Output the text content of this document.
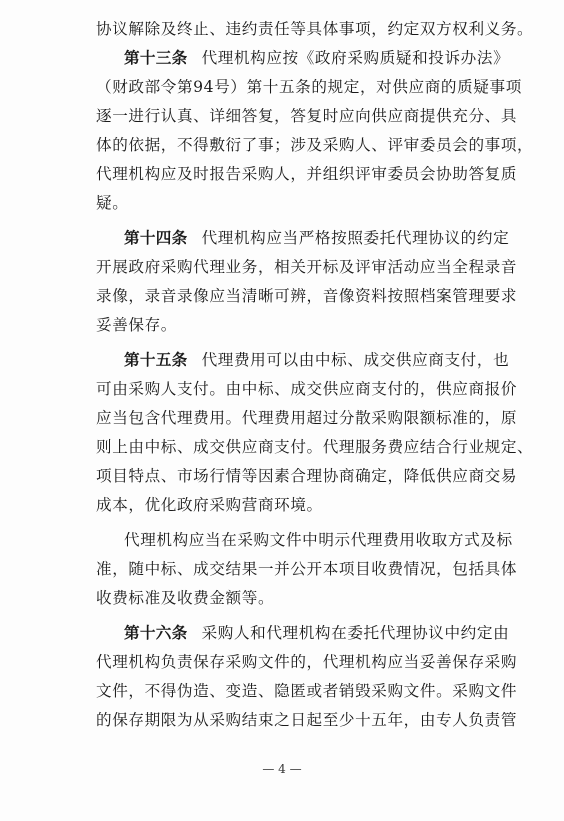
协议解除及终止、违约责任等具体事项，约定双方权利义务。
第十三条 代理机构应按《政府采购质疑和投诉办法》
（财政部令第94号）第十五条的规定，对供应商的质疑事项
逐一进行认真、详细答复，答复时应向供应商提供充分、具
体的依据，不得敷衍了事；涉及采购人、评审委员会的事项，
代理机构应及时报告采购人，并组织评审委员会协助答复质
疑。
第十四条 代理机构应当严格按照委托代理协议的约定
开展政府采购代理业务，相关开标及评审活动应当全程录音
录像，录音录像应当清晰可辨，音像资料按照档案管理要求
妥善保存。
第十五条 代理费用可以由中标、成交供应商支付，也
可由采购人支付。由中标、成交供应商支付的，供应商报价
应当包含代理费用。代理费用超过分散采购限额标准的，原
则上由中标、成交供应商支付。代理服务费应结合行业规定、
项目特点、市场行情等因素合理协商确定，降低供应商交易
成本，优化政府采购营商环境。
代理机构应当在采购文件中明示代理费用收取方式及标
准，随中标、成交结果一并公开本项目收费情况，包括具体
收费标准及收费金额等。
第十六条 采购人和代理机构在委托代理协议中约定由
代理机构负责保存采购文件的，代理机构应当妥善保存采购
文件，不得伪造、变造、隐匿或者销毁采购文件。采购文件
的保存期限为从采购结束之日起至少十五年，由专人负责管
— 4 —
